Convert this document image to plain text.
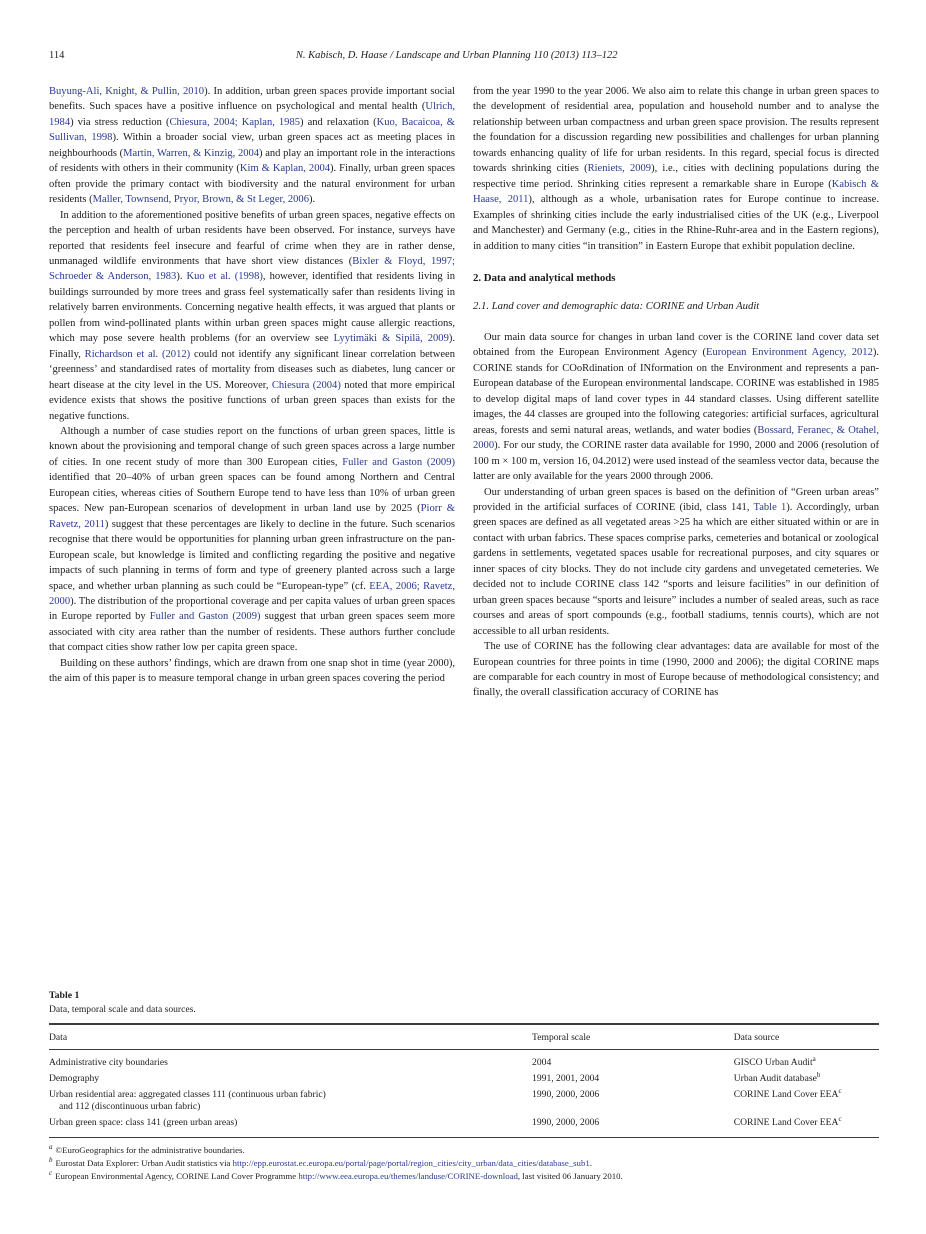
114	N. Kabisch, D. Haase / Landscape and Urban Planning 110 (2013) 113–122

Buyung-Ali, Knight, & Pullin, 2010). In addition, urban green spaces provide important social benefits. Such spaces have a positive influence on psychological and mental health (Ulrich, 1984) via stress reduction (Chiesura, 2004; Kaplan, 1985) and relaxation (Kuo, Bacaicoa, & Sullivan, 1998). Within a broader social view, urban green spaces act as meeting places in neighbourhoods (Martin, Warren, & Kinzig, 2004) and play an important role in the interactions of residents with others in their community (Kim & Kaplan, 2004). Finally, urban green spaces often provide the primary contact with biodiversity and the natural environment for urban residents (Maller, Townsend, Pryor, Brown, & St Leger, 2006).

In addition to the aforementioned positive benefits of urban green spaces, negative effects on the perception and health of urban residents have been observed. For instance, surveys have reported that residents feel insecure and fearful of crime when they are in rather dense, unmanaged wildlife environments that have short view distances (Bixler & Floyd, 1997; Schroeder & Anderson, 1983). Kuo et al. (1998), however, identified that residents living in buildings surrounded by more trees and grass feel systematically safer than residents living in relatively barren environments. Concerning negative health effects, it was argued that plants or pollen from wind-pollinated plants within urban green spaces might cause allergic reactions, which may pose severe health problems (for an overview see Lyytimäki & Sipilä, 2009). Finally, Richardson et al. (2012) could not identify any significant linear correlation between ‘greenness’ and standardised rates of mortality from diseases such as diabetes, lung cancer or heart disease at the city level in the US. Moreover, Chiesura (2004) noted that more empirical evidence exists that shows the positive functions of urban green spaces than exists for the negative functions.

Although a number of case studies report on the functions of urban green spaces, little is known about the provisioning and temporal change of such green spaces across a large number of cities. In one recent study of more than 300 European cities, Fuller and Gaston (2009) identified that 20–40% of urban green spaces can be found among Northern and Central European cities, whereas cities of Southern Europe tend to have less than 10% of urban green spaces. New pan-European scenarios of development in urban land use by 2025 (Piorr & Ravetz, 2011) suggest that these percentages are likely to decline in the future. Such scenarios recognise that there would be opportunities for planning urban green infrastructure on the pan-European scale, but knowledge is limited and conflicting regarding the positive and negative impacts of such planning in terms of form and type of greenery planted across such a large space, and whether urban planning as such could be “European-type” (cf. EEA, 2006; Ravetz, 2000). The distribution of the proportional coverage and per capita values of urban green spaces in Europe reported by Fuller and Gaston (2009) suggest that urban green spaces seem more associated with city area rather than the number of residents. These authors further conclude that compact cities show rather low per capita green space.

Building on these authors’ findings, which are drawn from one snap shot in time (year 2000), the aim of this paper is to measure temporal change in urban green spaces covering the period

from the year 1990 to the year 2006. We also aim to relate this change in urban green spaces to the development of residential area, population and household number and to analyse the relationship between urban compactness and urban green space provision. The results represent the foundation for a discussion regarding new possibilities and challenges for urban planning towards enhancing quality of life for urban residents. In this regard, special focus is directed towards shrinking cities (Rieniets, 2009), i.e., cities with declining populations during the respective time period. Shrinking cities represent a remarkable share in Europe (Kabisch & Haase, 2011), although as a whole, urbanisation rates for Europe continue to increase. Examples of shrinking cities include the early industrialised cities of the UK (e.g., Liverpool and Manchester) and Germany (e.g., cities in the Rhine-Ruhr-area and in the Eastern regions), in addition to many cities “in transition” in Eastern Europe that exhibit population decline.

2. Data and analytical methods
2.1. Land cover and demographic data: CORINE and Urban Audit

Our main data source for changes in urban land cover is the CORINE land cover data set obtained from the European Environment Agency (European Environment Agency, 2012). CORINE stands for COoRdination of INformation on the Environment and represents a pan-European database of the European environmental landscape. CORINE was established in 1985 to develop digital maps of land cover types in 44 standard classes. Using different satellite images, the 44 classes are grouped into the following categories: artificial surfaces, agricultural areas, forests and semi natural areas, wetlands, and water bodies (Bossard, Feranec, & Otahel, 2000). For our study, the CORINE raster data available for 1990, 2000 and 2006 (resolution of 100 m × 100 m, version 16, 04.2012) were used instead of the seamless vector data, because the latter are only available for the years 2000 through 2006.

Our understanding of urban green spaces is based on the definition of “Green urban areas” provided in the artificial surfaces of CORINE (ibid, class 141, Table 1). Accordingly, urban green spaces are defined as all vegetated areas >25 ha which are either situated within or are in contact with urban fabrics. These spaces comprise parks, cemeteries and botanical or zoological gardens in settlements, vegetated spaces usable for recreational purposes, and city squares or inner spaces of city blocks. They do not include city gardens and unvegetated cemeteries. We decided not to include CORINE class 142 “sports and leisure facilities” in our definition of urban green spaces because “sports and leisure” includes a number of sealed areas, such as race courses and areas of sport compounds (e.g., football stadiums, tennis courts), which are not accessible to all urban residents.

The use of CORINE has the following clear advantages: data are available for most of the European countries for three points in time (1990, 2000 and 2006); the digital CORINE maps are comparable for each country in most of Europe because of methodological consistency; and finally, the overall classification accuracy of CORINE has

Table 1

Data, temporal scale and data sources.

Data	Temporal scale	Data source
Administrative city boundaries	2004	GISCO Urban Audit$^a$
Demography	1991, 2001, 2004	Urban Audit database$^b$
Urban residential area: aggregated classes 111 (continuous urban fabric)
and 112 (discontinuous urban fabric)	1990, 2000, 2006	CORINE Land Cover EEA$^c$
Urban green space: class 141 (green urban areas)	1990, 2000, 2006	CORINE Land Cover EEA$^c$

$^a$ ©EuroGeographics for the administrative boundaries.

$^b$ Eurostat Data Explorer: Urban Audit statistics via http://epp.eurostat.ec.europa.eu/portal/page/portal/region_cities/city_urban/data_cities/database_sub1.

$^c$ European Environmental Agency, CORINE Land Cover Programme http://www.eea.europa.eu/themes/landuse/CORINE-download, last visited 06 January 2010.
